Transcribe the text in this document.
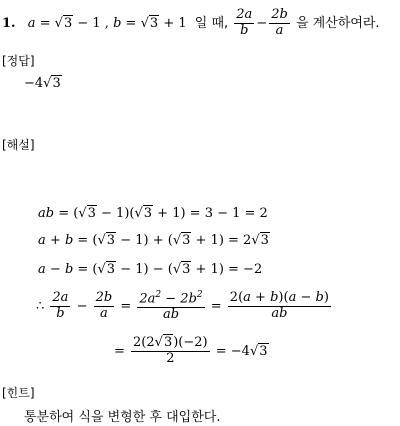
1. a = √3 − 1 , b = √3 + 1 일 때, $\frac{2a}{b} - \frac{2b}{a}$ 을 계산하여라.
[정답]
−4√3
[해설]
ab = (√3 − 1)(√3 + 1) = 3 − 1 = 2
a + b = (√3 − 1) + (√3 + 1) = 2√3
a − b = (√3 − 1) − (√3 + 1) = −2
∴ $\frac{2a}{b} - \frac{2b}{a} = \frac{2a^2 - 2b^2}{ab} = \frac{2(a + b)(a - b)}{ab}$
= $\frac{2(2√3)(-2)}{2} = -4√3$
[힌트]
통분하여 식을 변형한 후 대입한다.
